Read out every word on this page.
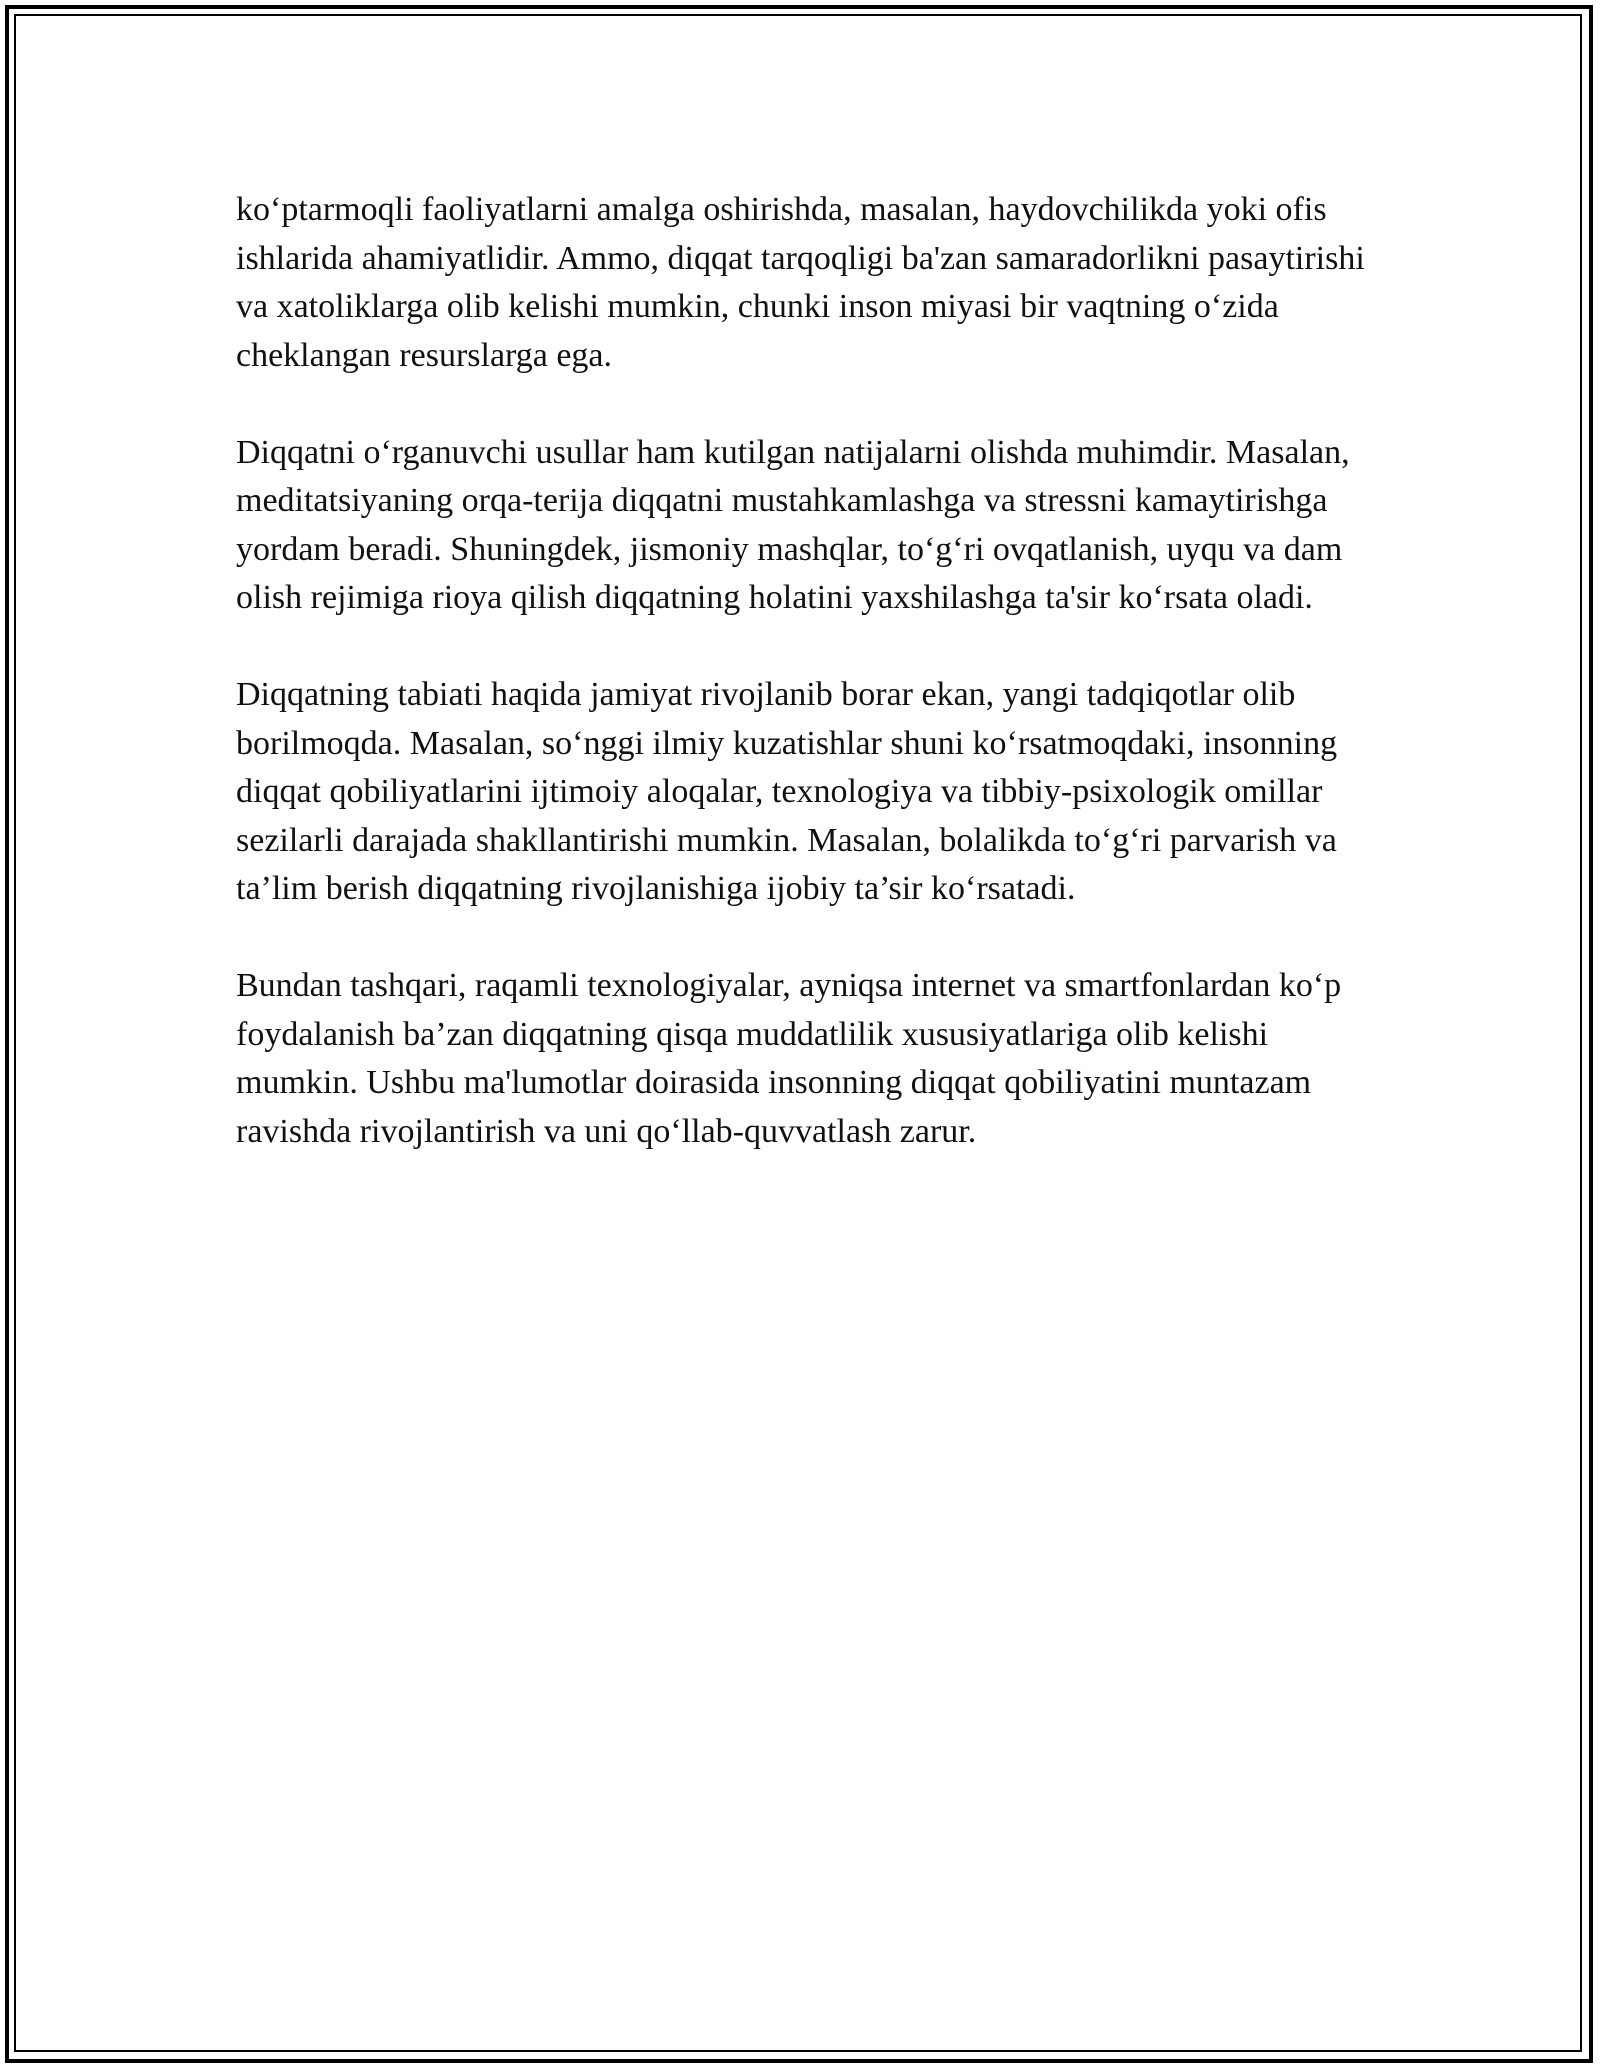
ko‘ptarmoqli faoliyatlarni amalga oshirishda, masalan, haydovchilikda yoki ofis ishlarida ahamiyatlidir. Ammo, diqqat tarqoqligi ba'zan samaradorlikni pasaytirishi va xatoliklarga olib kelishi mumkin, chunki inson miyasi bir vaqtning o‘zida cheklangan resurslarga ega.

Diqqatni o‘rganuvchi usullar ham kutilgan natijalarni olishda muhimdir. Masalan, meditatsiyaning orqa-terija diqqatni mustahkamlashga va stressni kamaytirishga yordam beradi. Shuningdek, jismoniy mashqlar, to‘g‘ri ovqatlanish, uyqu va dam olish rejimiga rioya qilish diqqatning holatini yaxshilashga ta'sir ko‘rsata oladi.

Diqqatning tabiati haqida jamiyat rivojlanib borar ekan, yangi tadqiqotlar olib borilmoqda. Masalan, so‘nggi ilmiy kuzatishlar shuni ko‘rsatmoqdaki, insonning diqqat qobiliyatlarini ijtimoiy aloqalar, texnologiya va tibbiy-psixologik omillar sezilarli darajada shakllantirishi mumkin. Masalan, bolalikda to‘g‘ri parvarish va ta’lim berish diqqatning rivojlanishiga ijobiy ta’sir ko‘rsatadi.

Bundan tashqari, raqamli texnologiyalar, ayniqsa internet va smartfonlardan ko‘p foydalanish ba’zan diqqatning qisqa muddatlilik xususiyatlariga olib kelishi mumkin. Ushbu ma'lumotlar doirasida insonning diqqat qobiliyatini muntazam ravishda rivojlantirish va uni qo‘llab-quvvatlash zarur.
